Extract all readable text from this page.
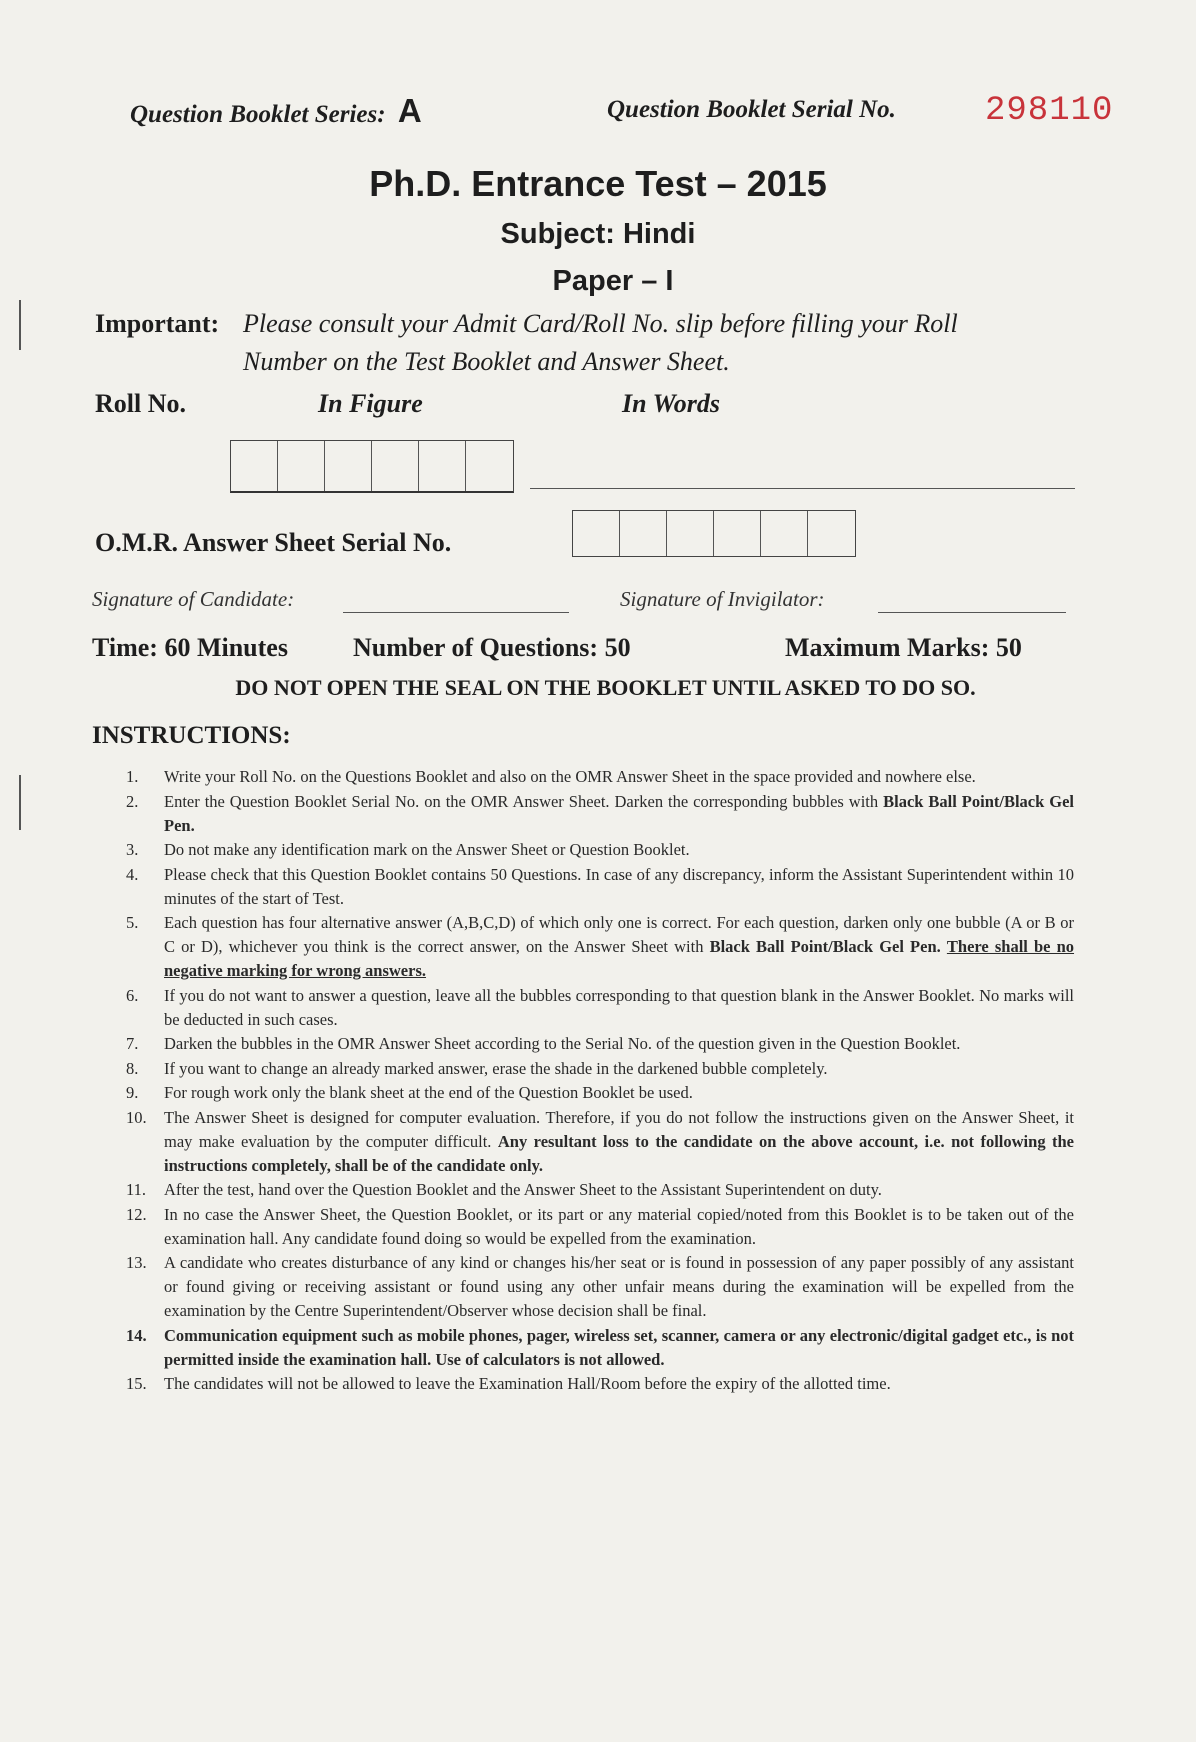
Question Booklet Series: A	Question Booklet Serial No.	298110
Ph.D. Entrance Test – 2015
Subject: Hindi
Paper – I
Important: Please consult your Admit Card/Roll No. slip before filling your Roll
Number on the Test Booklet and Answer Sheet.
Roll No.	In Figure	In Words
O.M.R. Answer Sheet Serial No.
Signature of Candidate:	Signature of Invigilator:
Time: 60 Minutes	Number of Questions: 50	Maximum Marks: 50
DO NOT OPEN THE SEAL ON THE BOOKLET UNTIL ASKED TO DO SO.
INSTRUCTIONS:
1.	Write your Roll No. on the Questions Booklet and also on the OMR Answer Sheet in the space provided and nowhere else.
2.	Enter the Question Booklet Serial No. on the OMR Answer Sheet. Darken the corresponding bubbles with Black Ball Point/Black Gel Pen.
3.	Do not make any identification mark on the Answer Sheet or Question Booklet.
4.	Please check that this Question Booklet contains 50 Questions. In case of any discrepancy, inform the Assistant Superintendent within 10 minutes of the start of Test.
5.	Each question has four alternative answer (A,B,C,D) of which only one is correct. For each question, darken only one bubble (A or B or C or D), whichever you think is the correct answer, on the Answer Sheet with Black Ball Point/Black Gel Pen. There shall be no negative marking for wrong answers.
6.	If you do not want to answer a question, leave all the bubbles corresponding to that question blank in the Answer Booklet. No marks will be deducted in such cases.
7.	Darken the bubbles in the OMR Answer Sheet according to the Serial No. of the question given in the Question Booklet.
8.	If you want to change an already marked answer, erase the shade in the darkened bubble completely.
9.	For rough work only the blank sheet at the end of the Question Booklet be used.
10.	The Answer Sheet is designed for computer evaluation. Therefore, if you do not follow the instructions given on the Answer Sheet, it may make evaluation by the computer difficult. Any resultant loss to the candidate on the above account, i.e. not following the instructions completely, shall be of the candidate only.
11.	After the test, hand over the Question Booklet and the Answer Sheet to the Assistant Superintendent on duty.
12.	In no case the Answer Sheet, the Question Booklet, or its part or any material copied/noted from this Booklet is to be taken out of the examination hall. Any candidate found doing so would be expelled from the examination.
13.	A candidate who creates disturbance of any kind or changes his/her seat or is found in possession of any paper possibly of any assistant or found giving or receiving assistant or found using any other unfair means during the examination will be expelled from the examination by the Centre Superintendent/Observer whose decision shall be final.
14.	Communication equipment such as mobile phones, pager, wireless set, scanner, camera or any electronic/digital gadget etc., is not permitted inside the examination hall. Use of calculators is not allowed.
15.	The candidates will not be allowed to leave the Examination Hall/Room before the expiry of the allotted time.
